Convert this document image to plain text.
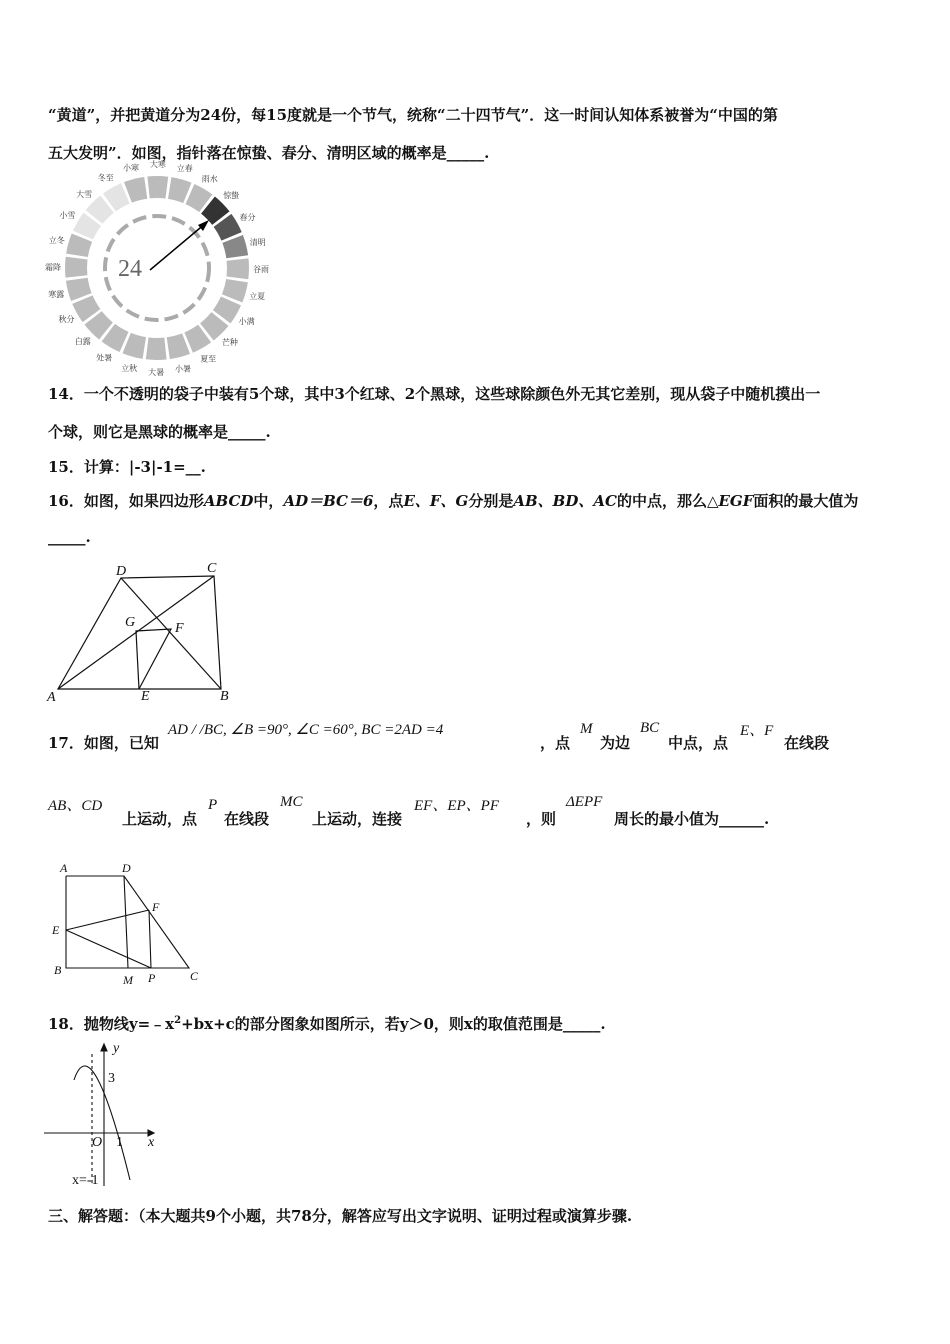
“黄道”，并把黄道分为24份，每15度就是一个节气，统称“二十四节气”．这一时间认知体系被誉为“中国的第
五大发明”．如图，指针落在惊蛰、春分、清明区域的概率是_____.
小寒 大寒 立春
雨水
惊蛰
春分
清明
谷雨
立夏
小满
芒种
夏至
小暑
大暑
立秋
处暑
白露
秋分
寒露
霜降
立冬
小雪
大雪
冬至
24
14．一个不透明的袋子中装有5个球，其中3个红球、2个黑球，这些球除颜色外无其它差别，现从袋子中随机摸出一
个球，则它是黑球的概率是_____.
15．计算：|-3|-1=__.
16．如图，如果四边形ABCD中，AD＝BC＝6，点E、F、G分别是AB、BD、AC的中点，那么△EGF面积的最大值为
_____.
A	B
C
D
E
F
G
17．如图，已知
AD / /BC, ∠B =90°, ∠C =60°, BC =2AD =4
，点
M
为边
BC
中点，点
E、F
在线段
AB、CD
上运动，点
P
在线段
MC
上运动，连接
EF、EP、PF
，则
ΔEPF
周长的最小值为______.
A	D
F
E
B
M P	C
18．抛物线$y=﹣x^2+bx+c$的部分图象如图所示，若y＞0，则x的取值范围是_____.
y
x
O
3
1
x=-1
三、解答题：（本大题共9个小题，共78分，解答应写出文字说明、证明过程或演算步骤.
